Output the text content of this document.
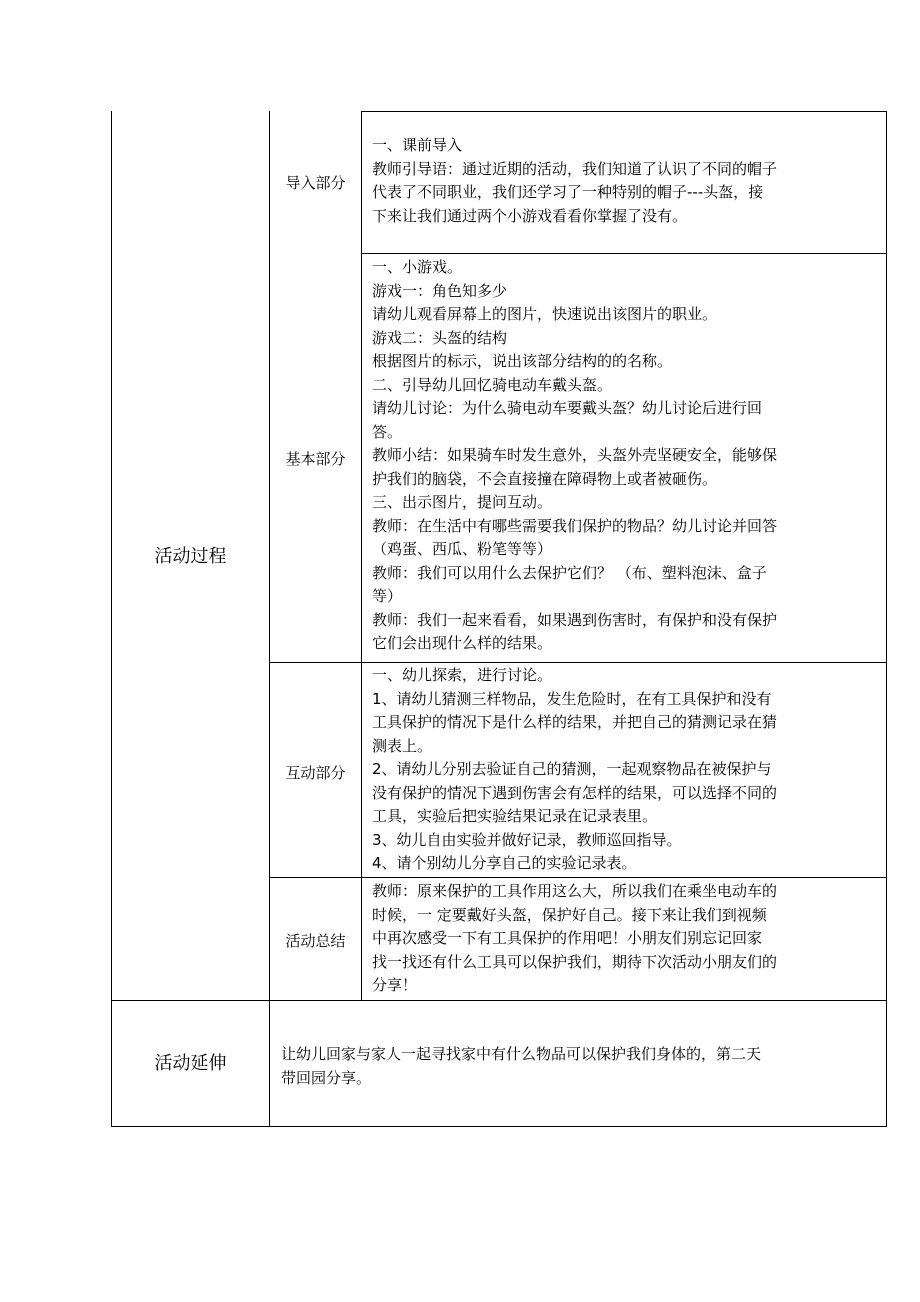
活动过程
导入部分
一、课前导入
教师引导语：通过近期的活动，我们知道了认识了不同的帽子
代表了不同职业，我们还学习了一种特别的帽子---头盔，接
下来让我们通过两个小游戏看看你掌握了没有。
基本部分
一、小游戏。
游戏一：角色知多少
请幼儿观看屏幕上的图片，快速说出该图片的职业。
游戏二：头盔的结构
根据图片的标示，说出该部分结构的的名称。
二、引导幼儿回忆骑电动车戴头盔。
请幼儿讨论：为什么骑电动车要戴头盔？幼儿讨论后进行回
答。
教师小结：如果骑车时发生意外，头盔外壳坚硬安全，能够保
护我们的脑袋，不会直接撞在障碍物上或者被砸伤。
三、出示图片，提问互动。
教师：在生活中有哪些需要我们保护的物品？幼儿讨论并回答
（鸡蛋、西瓜、粉笔等等）
教师：我们可以用什么去保护它们？ （布、塑料泡沫、盒子
等）
教师：我们一起来看看，如果遇到伤害时，有保护和没有保护
它们会出现什么样的结果。
互动部分
一、幼儿探索，进行讨论。
1、请幼儿猜测三样物品，发生危险时，在有工具保护和没有
工具保护的情况下是什么样的结果，并把自己的猜测记录在猜
测表上。
2、请幼儿分别去验证自己的猜测，一起观察物品在被保护与
没有保护的情况下遇到伤害会有怎样的结果，可以选择不同的
工具，实验后把实验结果记录在记录表里。
3、幼儿自由实验并做好记录，教师巡回指导。
4、请个别幼儿分享自己的实验记录表。
活动总结
教师：原来保护的工具作用这么大，所以我们在乘坐电动车的
时候，一 定要戴好头盔，保护好自己。接下来让我们到视频
中再次感受一下有工具保护的作用吧！小朋友们别忘记回家
找一找还有什么工具可以保护我们，期待下次活动小朋友们的
分享！
活动延伸	让幼儿回家与家人一起寻找家中有什么物品可以保护我们身体的，第二天
带回园分享。
